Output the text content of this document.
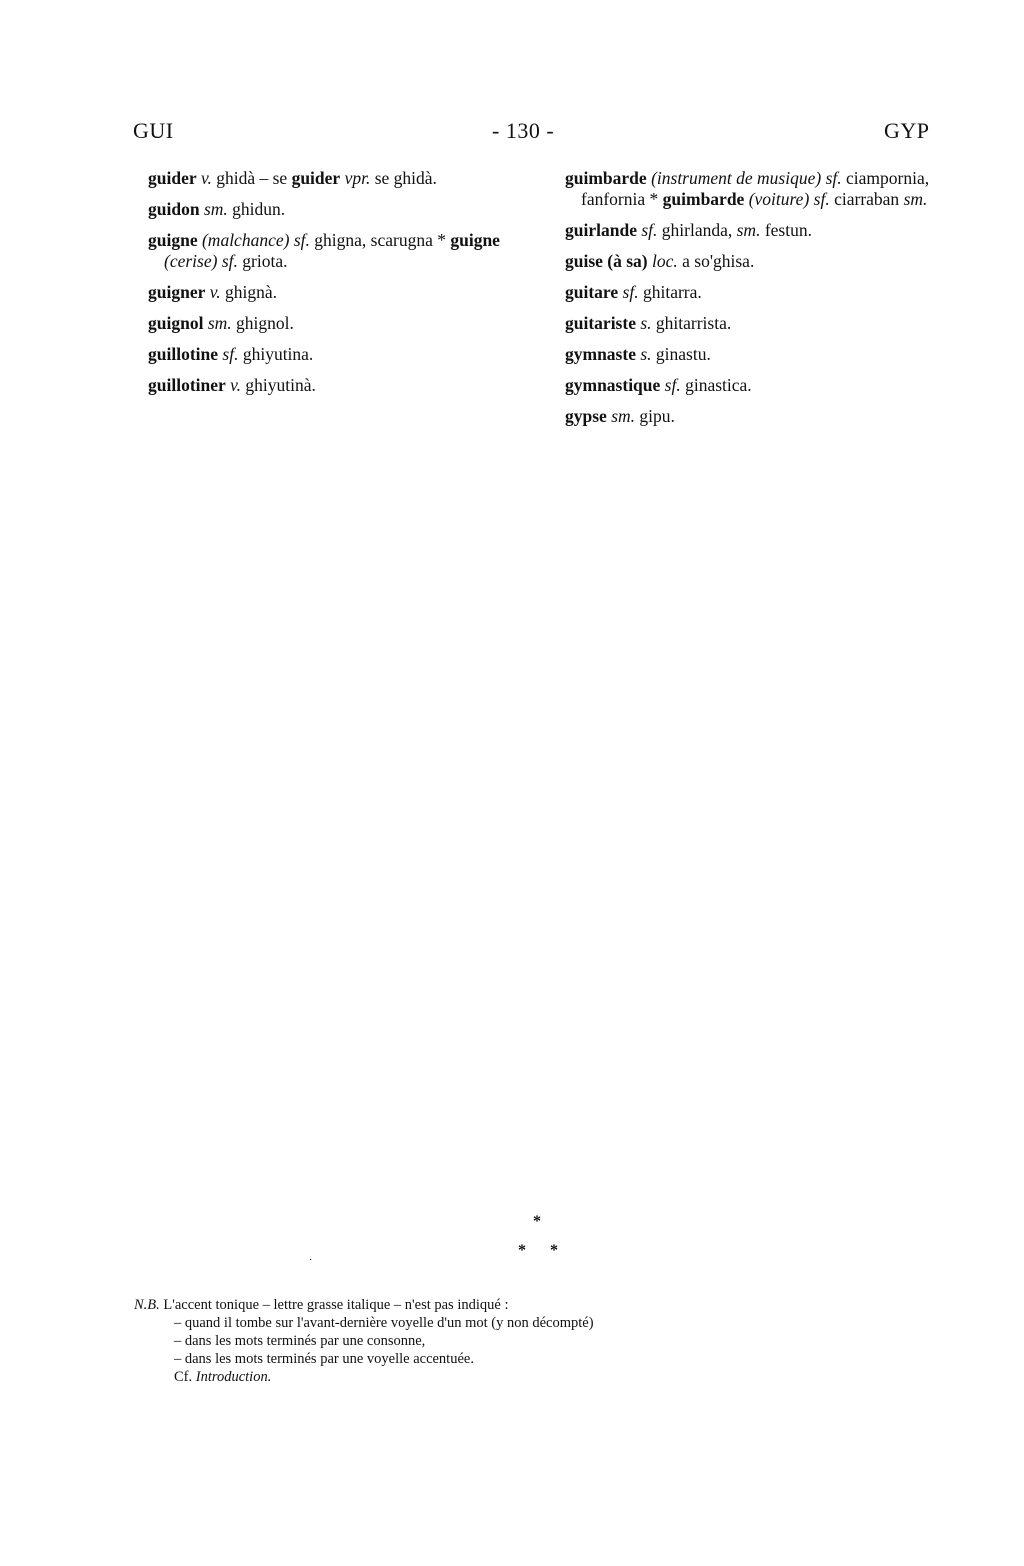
GUI	- 130 -	GYP

guider v. ghidà – se guider vpr. se ghidà.

guidon sm. ghidun.

guigne (malchance) sf. ghigna, scarugna * guigne (cerise) sf. griota.

guigner v. ghignà.

guignol sm. ghignol.

guillotine sf. ghiyutina.

guillotiner v. ghiyutinà.

guimbarde (instrument de musique) sf. ciampornia, fanfornia * guimbarde (voiture) sf. ciarraban sm.

guirlande sf. ghirlanda, sm. festun.

guise (à sa) loc. a so'ghisa.

guitare sf. ghitarra.

guitariste s. ghitarrista.

gymnaste s. ginastu.

gymnastique sf. ginastica.

gypse sm. gipu.

*
* *
·

N.B. L'accent tonique – lettre grasse italique – n'est pas indiqué :

– quand il tombe sur l'avant-dernière voyelle d'un mot (y non décompté)

– dans les mots terminés par une consonne,

– dans les mots terminés par une voyelle accentuée.

Cf. Introduction.
